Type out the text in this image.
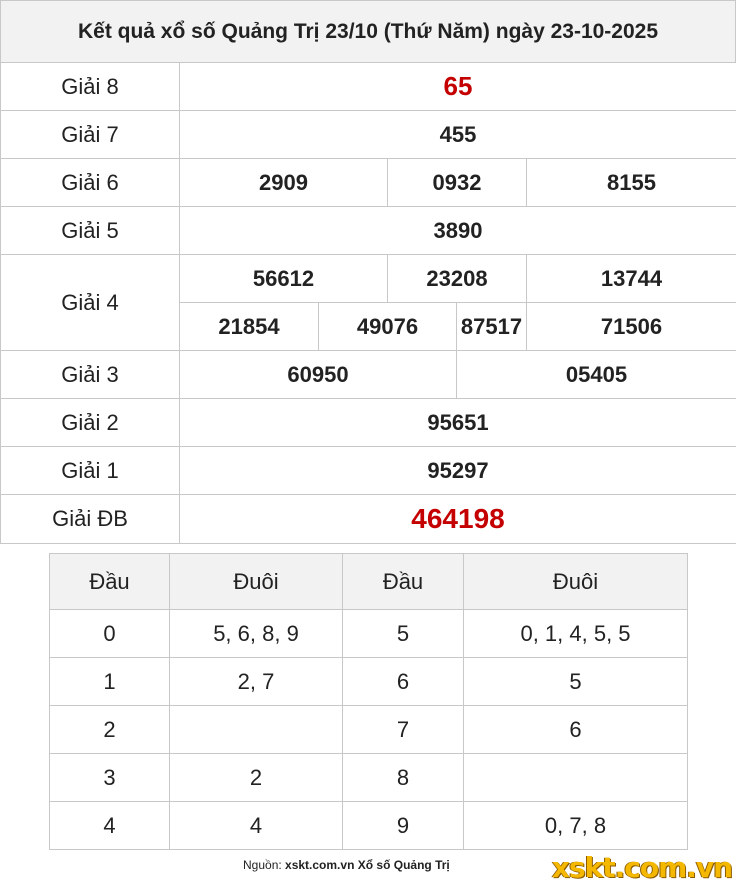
Kết quả xổ số Quảng Trị 23/10 (Thứ Năm) ngày 23-10-2025
Giải 8	65				
Giải 7	455				
Giải 6	2909		0932		8155
Giải 5	3890				
Giải 4	56612		23208		13744
	21854	49076		87517	71506
Giải 3	60950			05405	
Giải 2	95651				
Giải 1	95297				
Giải ĐB	464198				
Đầu	Đuôi	Đầu	Đuôi
0	5, 6, 8, 9	5	0, 1, 4, 5, 5
1	2, 7	6	5
2		7	6
3	2	8	
4	4	9	0, 7, 8
Nguồn: xskt.com.vn Xổ số Quảng Trị	xskt.com.vn
